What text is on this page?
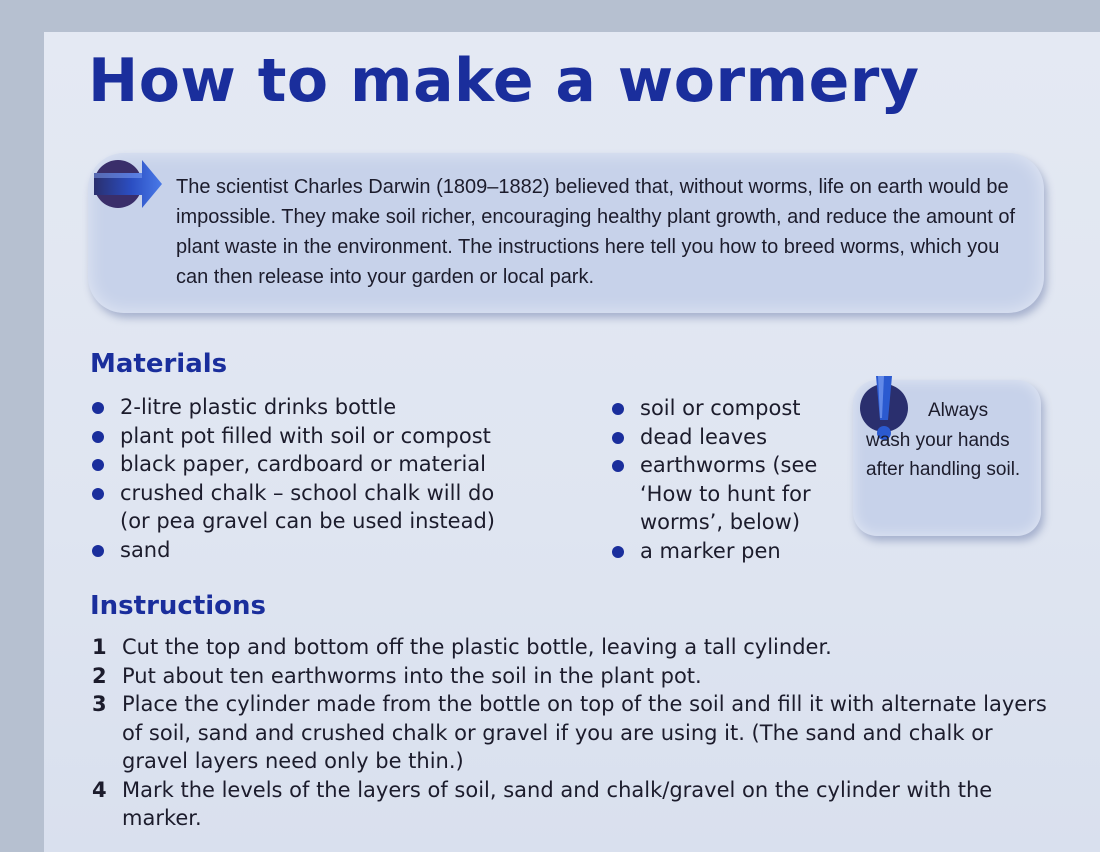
How to make a wormery

The scientist Charles Darwin (1809–1882) believed that, without worms, life on earth would be impossible. They make soil richer, encouraging healthy plant growth, and reduce the amount of plant waste in the environment. The instructions here tell you how to breed worms, which you can then release into your garden or local park.

Materials
2-litre plastic drinks bottle
plant pot filled with soil or compost
black paper, cardboard or material
crushed chalk – school chalk will do
(or pea gravel can be used instead)
sand
soil or compost
dead leaves
earthworms (see
‘How to hunt for
worms’, below)
a marker pen

Always wash your hands after handling soil.

Instructions
1 Cut the top and bottom off the plastic bottle, leaving a tall cylinder.
2 Put about ten earthworms into the soil in the plant pot.
3 Place the cylinder made from the bottle on top of the soil and fill it with alternate layers of soil, sand and crushed chalk or gravel if you are using it. (The sand and chalk or gravel layers need only be thin.)
4 Mark the levels of the layers of soil, sand and chalk/gravel on the cylinder with the marker.
